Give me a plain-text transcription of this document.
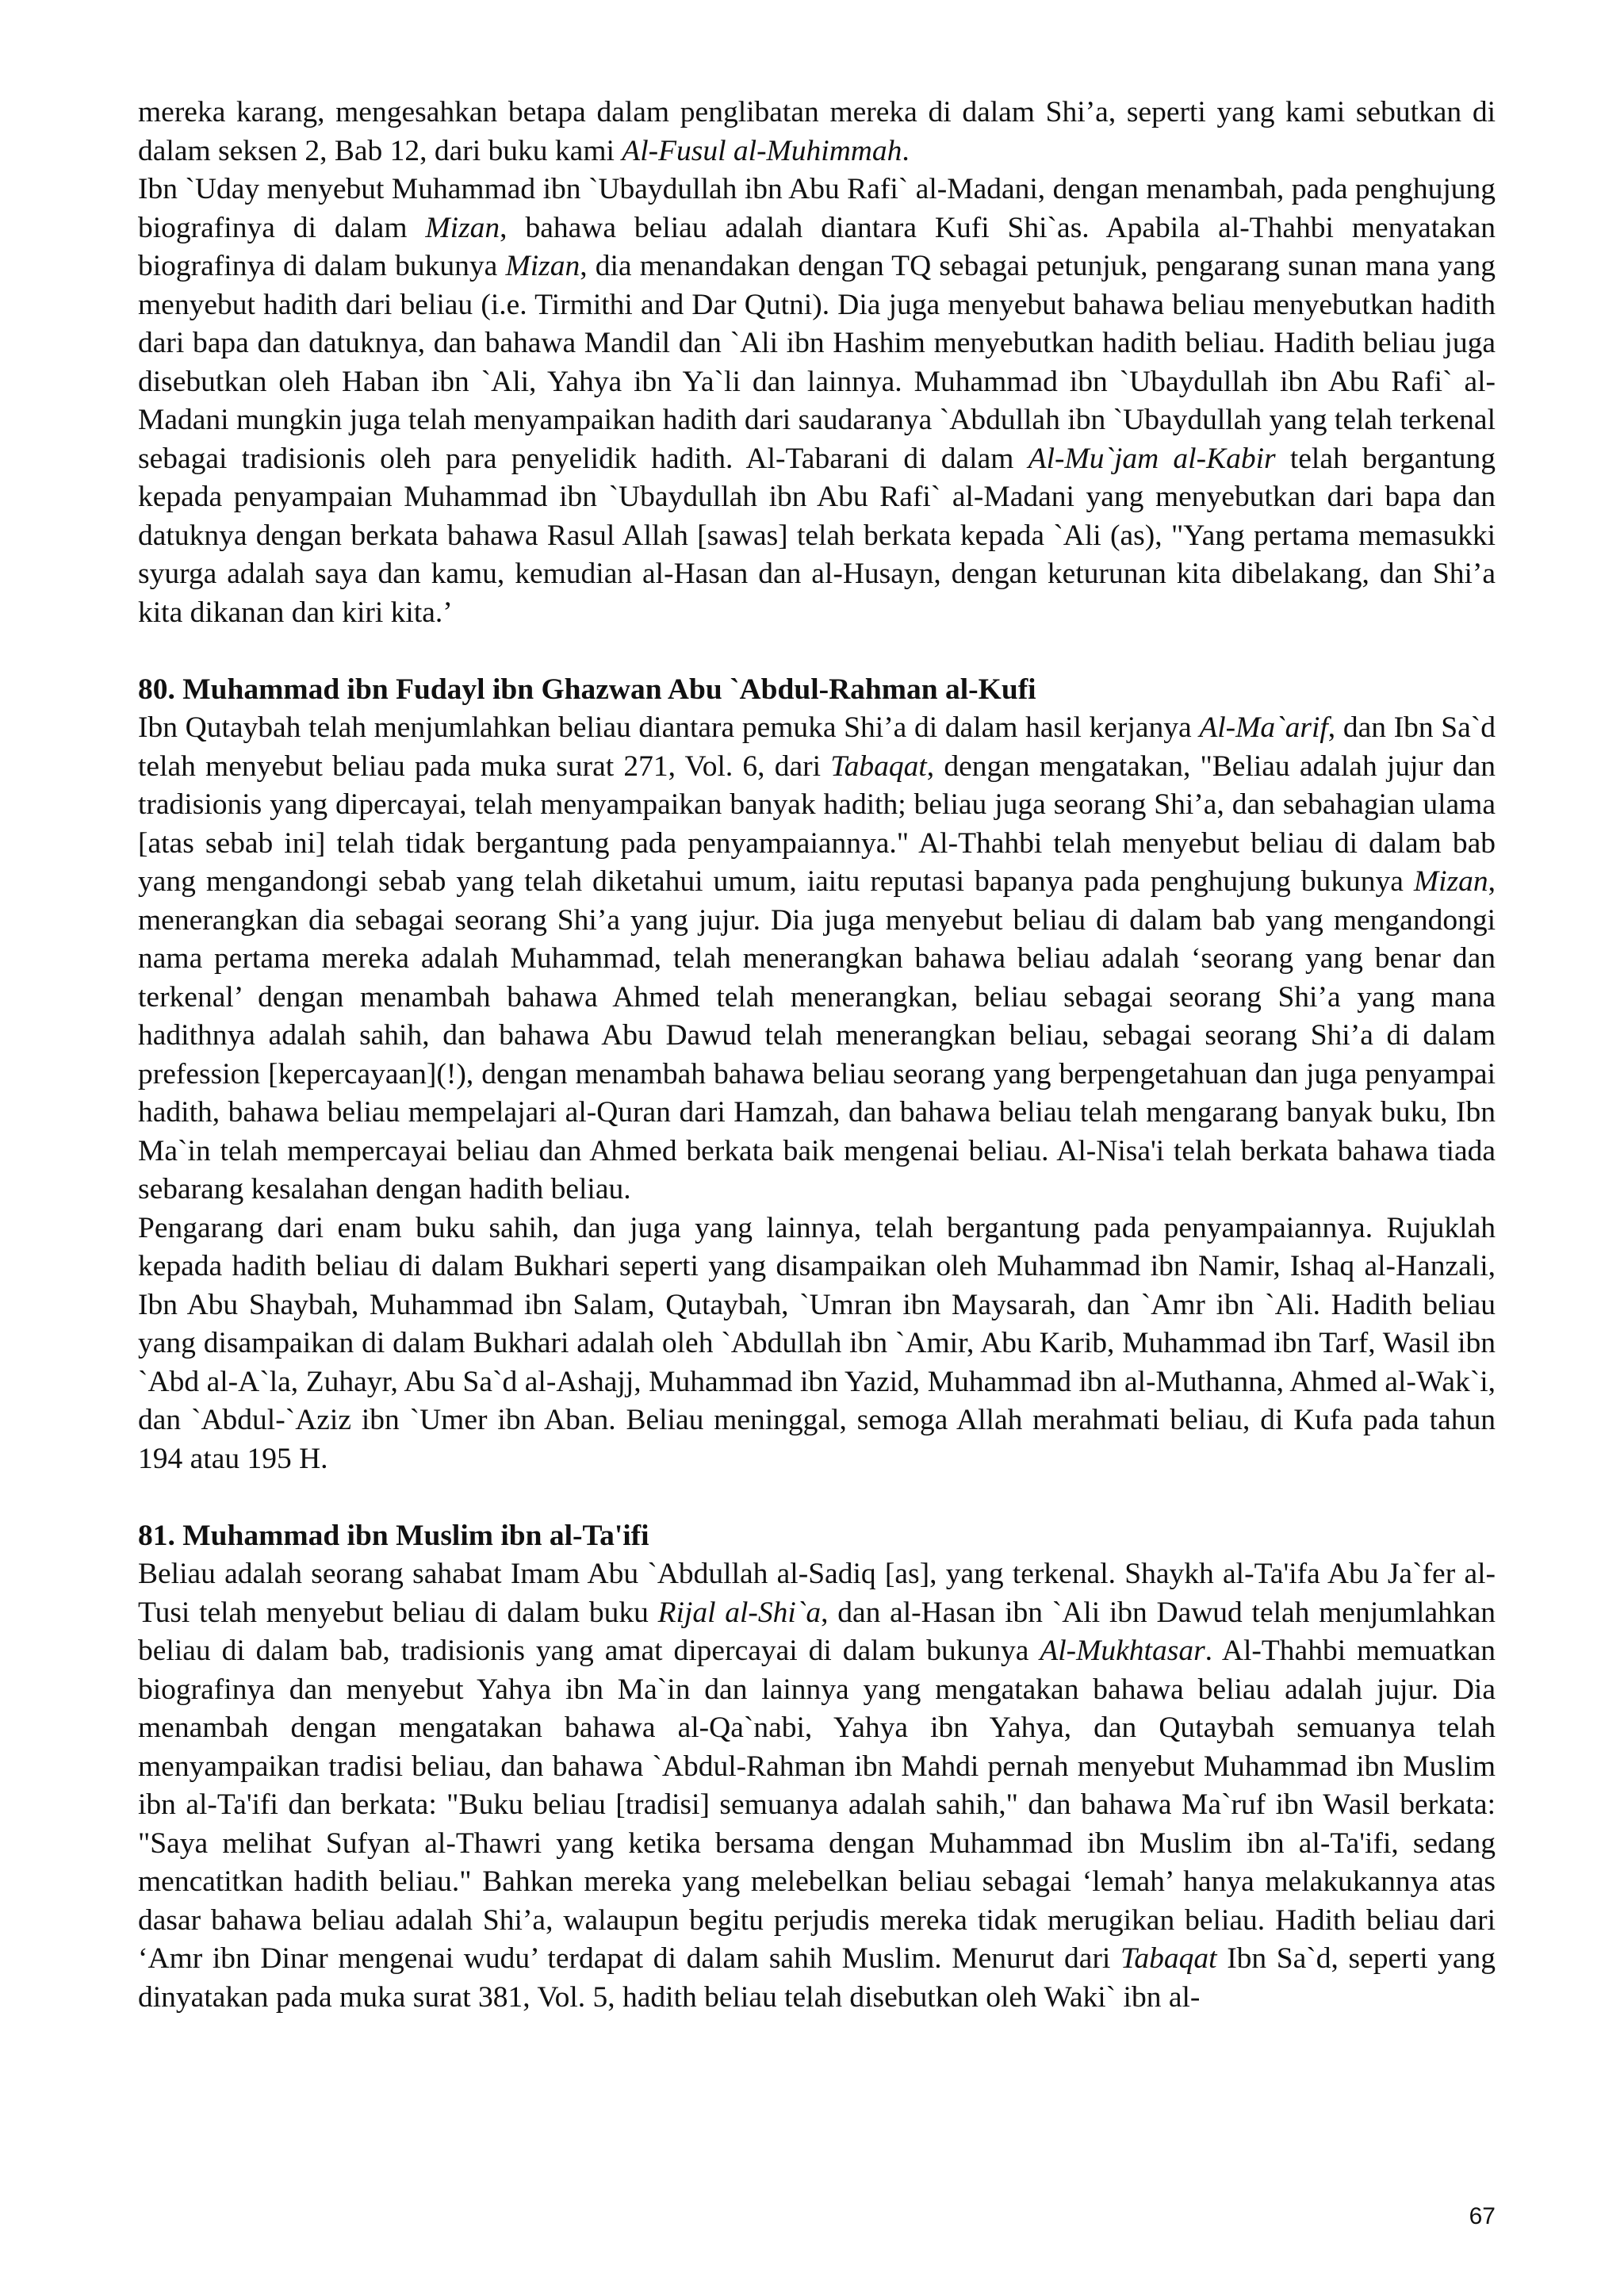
mereka karang, mengesahkan betapa dalam penglibatan mereka di dalam Shi’a, seperti yang kami sebutkan di dalam seksen 2, Bab 12, dari buku kami Al-Fusul al-Muhimmah.

Ibn `Uday menyebut Muhammad ibn `Ubaydullah ibn Abu Rafi` al-Madani, dengan menambah, pada penghujung biografinya di dalam Mizan, bahawa beliau adalah diantara Kufi Shi`as. Apabila al-Thahbi menyatakan biografinya di dalam bukunya Mizan, dia menandakan dengan TQ sebagai petunjuk, pengarang sunan mana yang menyebut hadith dari beliau (i.e. Tirmithi and Dar Qutni). Dia juga menyebut bahawa beliau menyebutkan hadith dari bapa dan datuknya, dan bahawa Mandil dan `Ali ibn Hashim menyebutkan hadith beliau. Hadith beliau juga disebutkan oleh Haban ibn `Ali, Yahya ibn Ya`li dan lainnya. Muhammad ibn `Ubaydullah ibn Abu Rafi` al-Madani mungkin juga telah menyampaikan hadith dari saudaranya `Abdullah ibn `Ubaydullah yang telah terkenal sebagai tradisionis oleh para penyelidik hadith. Al-Tabarani di dalam Al-Mu`jam al-Kabir telah bergantung kepada penyampaian Muhammad ibn `Ubaydullah ibn Abu Rafi` al-Madani yang menyebutkan dari bapa dan datuknya dengan berkata bahawa Rasul Allah [sawas] telah berkata kepada `Ali (as), "Yang pertama memasukki syurga adalah saya dan kamu, kemudian al-Hasan dan al-Husayn, dengan keturunan kita dibelakang, dan Shi’a kita dikanan dan kiri kita.’

80. Muhammad ibn Fudayl ibn Ghazwan Abu `Abdul-Rahman al-Kufi

Ibn Qutaybah telah menjumlahkan beliau diantara pemuka Shi’a di dalam hasil kerjanya Al-Ma`arif, dan Ibn Sa`d telah menyebut beliau pada muka surat 271, Vol. 6, dari Tabaqat, dengan mengatakan, "Beliau adalah jujur dan tradisionis yang dipercayai, telah menyampaikan banyak hadith; beliau juga seorang Shi’a, dan sebahagian ulama [atas sebab ini] telah tidak bergantung pada penyampaiannya." Al-Thahbi telah menyebut beliau di dalam bab yang mengandongi sebab yang telah diketahui umum, iaitu reputasi bapanya pada penghujung bukunya Mizan, menerangkan dia sebagai seorang Shi’a yang jujur. Dia juga menyebut beliau di dalam bab yang mengandongi nama pertama mereka adalah Muhammad, telah menerangkan bahawa beliau adalah ‘seorang yang benar dan terkenal’ dengan menambah bahawa Ahmed telah menerangkan, beliau sebagai seorang Shi’a yang mana hadithnya adalah sahih, dan bahawa Abu Dawud telah menerangkan beliau, sebagai seorang Shi’a di dalam prefession [kepercayaan](!), dengan menambah bahawa beliau seorang yang berpengetahuan dan juga penyampai hadith, bahawa beliau mempelajari al-Quran dari Hamzah, dan bahawa beliau telah mengarang banyak buku, Ibn Ma`in telah mempercayai beliau dan Ahmed berkata baik mengenai beliau. Al-Nisa'i telah berkata bahawa tiada sebarang kesalahan dengan hadith beliau.

Pengarang dari enam buku sahih, dan juga yang lainnya, telah bergantung pada penyampaiannya. Rujuklah kepada hadith beliau di dalam Bukhari seperti yang disampaikan oleh Muhammad ibn Namir, Ishaq al-Hanzali, Ibn Abu Shaybah, Muhammad ibn Salam, Qutaybah, `Umran ibn Maysarah, dan `Amr ibn `Ali. Hadith beliau yang disampaikan di dalam Bukhari adalah oleh `Abdullah ibn `Amir, Abu Karib, Muhammad ibn Tarf, Wasil ibn `Abd al-A`la, Zuhayr, Abu Sa`d al-Ashajj, Muhammad ibn Yazid, Muhammad ibn al-Muthanna, Ahmed al-Wak`i, dan `Abdul-`Aziz ibn `Umer ibn Aban. Beliau meninggal, semoga Allah merahmati beliau, di Kufa pada tahun 194 atau 195 H.

81. Muhammad ibn Muslim ibn al-Ta'ifi

Beliau adalah seorang sahabat Imam Abu `Abdullah al-Sadiq [as], yang terkenal. Shaykh al-Ta'ifa Abu Ja`fer al-Tusi telah menyebut beliau di dalam buku Rijal al-Shi`a, dan al-Hasan ibn `Ali ibn Dawud telah menjumlahkan beliau di dalam bab, tradisionis yang amat dipercayai di dalam bukunya Al-Mukhtasar. Al-Thahbi memuatkan biografinya dan menyebut Yahya ibn Ma`in dan lainnya yang mengatakan bahawa beliau adalah jujur. Dia menambah dengan mengatakan bahawa al-Qa`nabi, Yahya ibn Yahya, dan Qutaybah semuanya telah menyampaikan tradisi beliau, dan bahawa `Abdul-Rahman ibn Mahdi pernah menyebut Muhammad ibn Muslim ibn al-Ta'ifi dan berkata: "Buku beliau [tradisi] semuanya adalah sahih," dan bahawa Ma`ruf ibn Wasil berkata: "Saya melihat Sufyan al-Thawri yang ketika bersama dengan Muhammad ibn Muslim ibn al-Ta'ifi, sedang mencatitkan hadith beliau." Bahkan mereka yang melebelkan beliau sebagai ‘lemah’ hanya melakukannya atas dasar bahawa beliau adalah Shi’a, walaupun begitu perjudis mereka tidak merugikan beliau. Hadith beliau dari ‘Amr ibn Dinar mengenai wudu’ terdapat di dalam sahih Muslim. Menurut dari Tabaqat Ibn Sa`d, seperti yang dinyatakan pada muka surat 381, Vol. 5, hadith beliau telah disebutkan oleh Waki` ibn al-

67
